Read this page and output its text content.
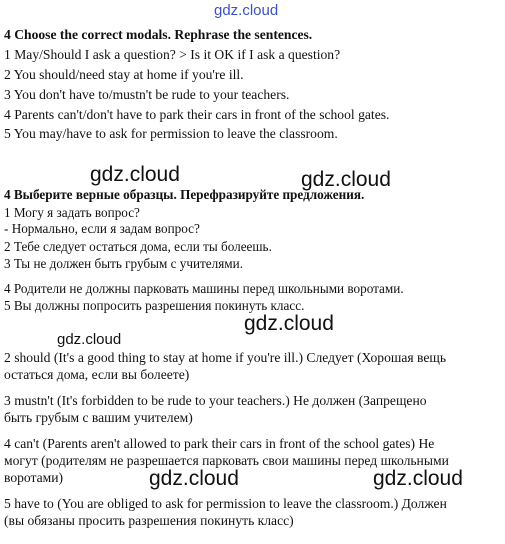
gdz.cloud
4 Choose the correct modals. Rephrase the sentences.
1 May/Should I ask a question? > Is it OK if I ask a question?
2 You should/need stay at home if you're ill.
3 You don't have to/mustn't be rude to your teachers.
4 Parents can't/don't have to park their cars in front of the school gates.
5 You may/have to ask for permission to leave the classroom.
gdz.cloud	gdz.cloud
4 Выберите верные образцы. Перефразируйте предложения.
1 Могу я задать вопрос?
- Нормально, если я задам вопрос?
2 Тебе следует остаться дома, если ты болеешь.
3 Ты не должен быть грубым с учителями.
4 Родители не должны парковать машины перед школьными воротами.
5 Вы должны попросить разрешения покинуть класс.
gdz.cloud
gdz.cloud
2 should (It's a good thing to stay at home if you're ill.) Следует (Хорошая вещь
остаться дома, если вы болеете)
3 mustn't (It's forbidden to be rude to your teachers.) Не должен (Запрещено
быть грубым с вашим учителем)
4 can't (Parents aren't allowed to park their cars in front of the school gates) Не
могут (родителям не разрешается парковать свои машины перед школьными
воротами)	gdz.cloud	gdz.cloud
5 have to (You are obliged to ask for permission to leave the classroom.) Должен
(вы обязаны просить разрешения покинуть класс)
